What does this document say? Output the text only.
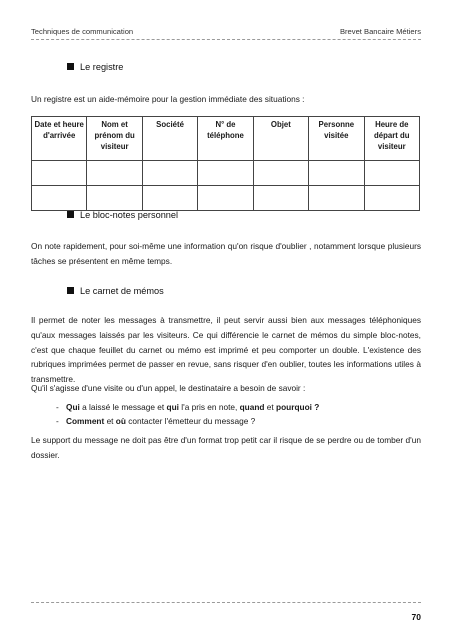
Techniques de communication	Brevet Bancaire Métiers
Le registre
Un registre est un aide-mémoire pour la gestion immédiate des situations :
Date et heure d'arrivée	Nom et prénom du visiteur	Société	N° de téléphone	Objet	Personne visitée	Heure de départ du visiteur

Le bloc-notes personnel
On note rapidement, pour soi-même une information qu'on risque d'oublier , notamment lorsque plusieurs tâches se présentent en même temps.
Le carnet de mémos
Il permet de noter les messages à transmettre, il peut servir aussi bien aux messages téléphoniques qu'aux messages laissés par les visiteurs. Ce qui différencie le carnet de mémos du simple bloc-notes, c'est que chaque feuillet du carnet ou mémo est imprimé et peu comporter un double. L'existence des rubriques imprimées permet de passer en revue, sans risquer d'en oublier, toutes les informations utiles à transmettre.
Qu'il s'agisse d'une visite ou d'un appel, le destinataire a besoin de savoir :
- Qui a laissé le message et qui l'a pris en note, quand et pourquoi ?
- Comment et où contacter l'émetteur du message ?
Le support du message ne doit pas être d'un format trop petit car il risque de se perdre ou de tomber d'un dossier.
70
